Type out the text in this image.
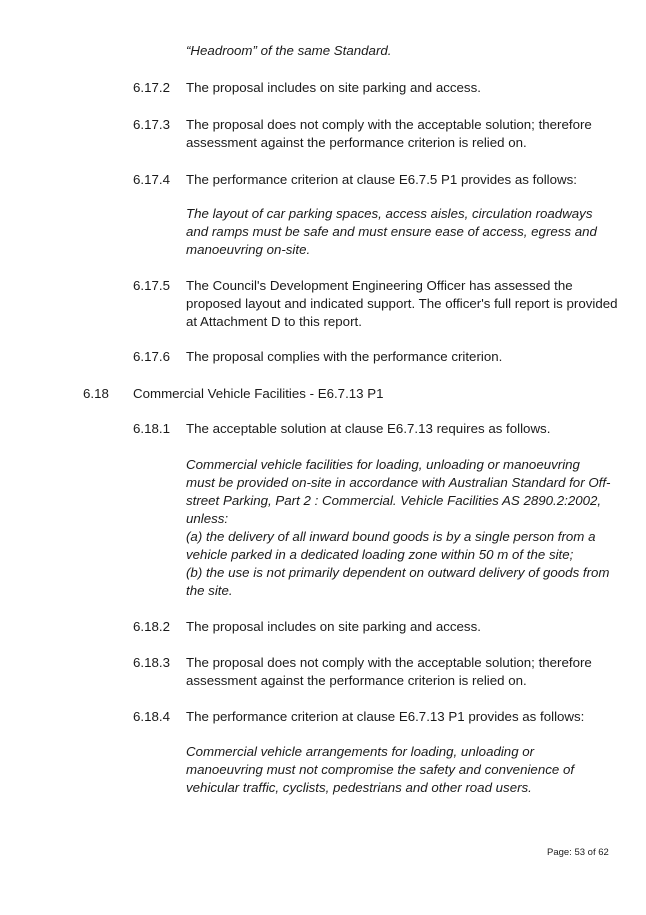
“Headroom” of the same Standard.
6.17.2 The proposal includes on site parking and access.
6.17.3 The proposal does not comply with the acceptable solution; therefore
assessment against the performance criterion is relied on.
6.17.4 The performance criterion at clause E6.7.5 P1 provides as follows:
The layout of car parking spaces, access aisles, circulation roadways
and ramps must be safe and must ensure ease of access, egress and
manoeuvring on-site.
6.17.5 The Council's Development Engineering Officer has assessed the
proposed layout and indicated support. The officer's full report is provided
at Attachment D to this report.
6.17.6 The proposal complies with the performance criterion.
6.18 Commercial Vehicle Facilities - E6.7.13 P1
6.18.1 The acceptable solution at clause E6.7.13 requires as follows.
Commercial vehicle facilities for loading, unloading or manoeuvring
must be provided on-site in accordance with Australian Standard for Off-
street Parking, Part 2 : Commercial. Vehicle Facilities AS 2890.2:2002,
unless:
(a) the delivery of all inward bound goods is by a single person from a
vehicle parked in a dedicated loading zone within 50 m of the site;
(b) the use is not primarily dependent on outward delivery of goods from
the site.
6.18.2 The proposal includes on site parking and access.
6.18.3 The proposal does not comply with the acceptable solution; therefore
assessment against the performance criterion is relied on.
6.18.4 The performance criterion at clause E6.7.13 P1 provides as follows:
Commercial vehicle arrangements for loading, unloading or
manoeuvring must not compromise the safety and convenience of
vehicular traffic, cyclists, pedestrians and other road users.
Page: 53 of 62
